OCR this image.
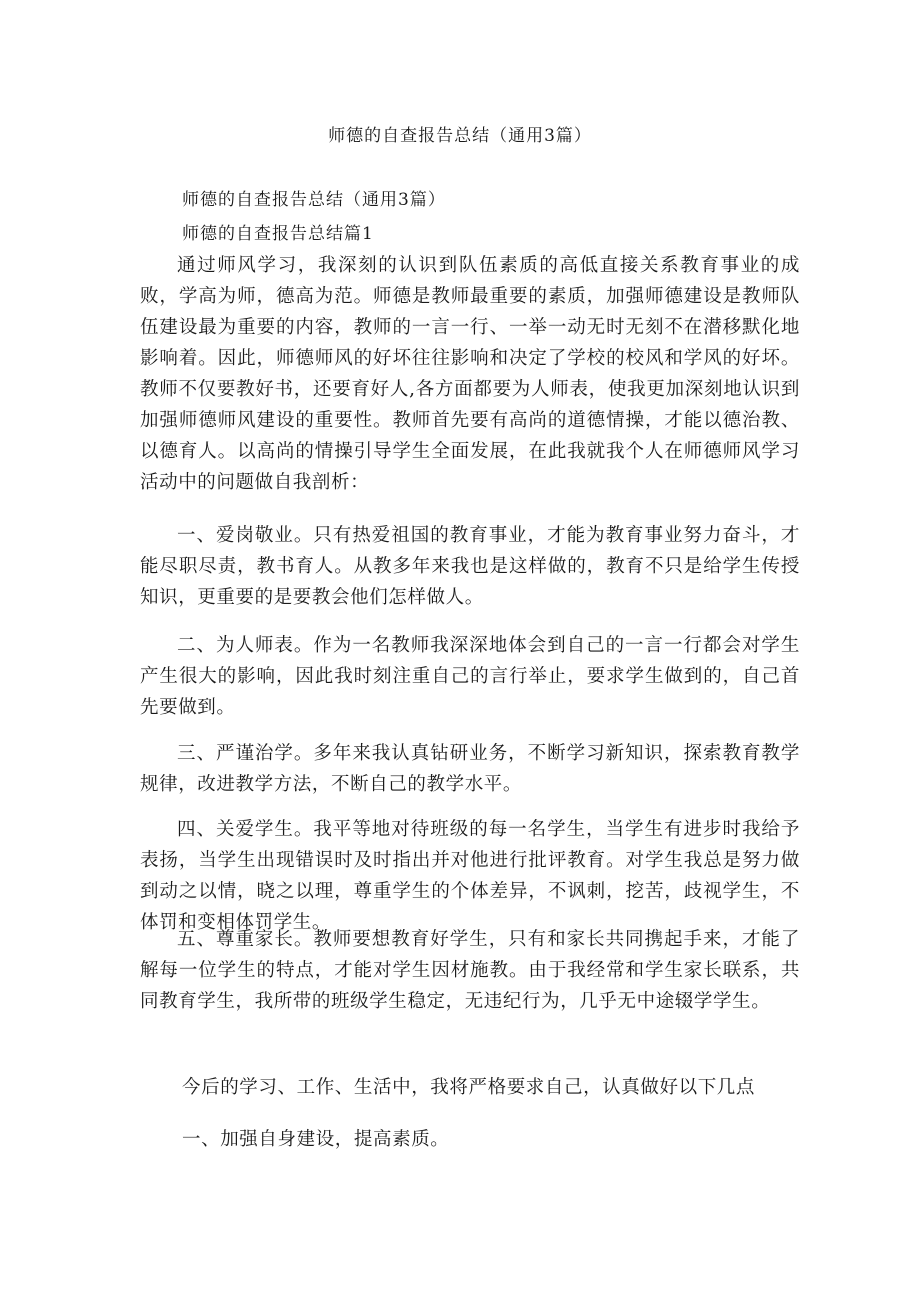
师德的自查报告总结（通用3篇）
师德的自查报告总结（通用3篇）
师德的自查报告总结篇1

通过师风学习，我深刻的认识到队伍素质的高低直接关系教育事业的成败，学高为师，德高为范。师德是教师最重要的素质，加强师德建设是教师队伍建设最为重要的内容，教师的一言一行、一举一动无时无刻不在潜移默化地影响着。因此，师德师风的好坏往往影响和决定了学校的校风和学风的好坏。教师不仅要教好书，还要育好人,各方面都要为人师表，使我更加深刻地认识到加强师德师风建设的重要性。教师首先要有高尚的道德情操，才能以德治教、以德育人。以高尚的情操引导学生全面发展，在此我就我个人在师德师风学习活动中的问题做自我剖析：

一、爱岗敬业。只有热爱祖国的教育事业，才能为教育事业努力奋斗，才能尽职尽责，教书育人。从教多年来我也是这样做的，教育不只是给学生传授知识，更重要的是要教会他们怎样做人。

二、为人师表。作为一名教师我深深地体会到自己的一言一行都会对学生产生很大的影响，因此我时刻注重自己的言行举止，要求学生做到的，自己首先要做到。

三、严谨治学。多年来我认真钻研业务，不断学习新知识，探索教育教学规律，改进教学方法，不断自己的教学水平。

四、关爱学生。我平等地对待班级的每一名学生，当学生有进步时我给予表扬，当学生出现错误时及时指出并对他进行批评教育。对学生我总是努力做到动之以情，晓之以理，尊重学生的个体差异，不讽刺，挖苦，歧视学生，不体罚和变相体罚学生。

五、尊重家长。教师要想教育好学生，只有和家长共同携起手来，才能了解每一位学生的特点，才能对学生因材施教。由于我经常和学生家长联系，共同教育学生，我所带的班级学生稳定，无违纪行为，几乎无中途辍学学生。

今后的学习、工作、生活中，我将严格要求自己，认真做好以下几点
一、加强自身建设，提高素质。
